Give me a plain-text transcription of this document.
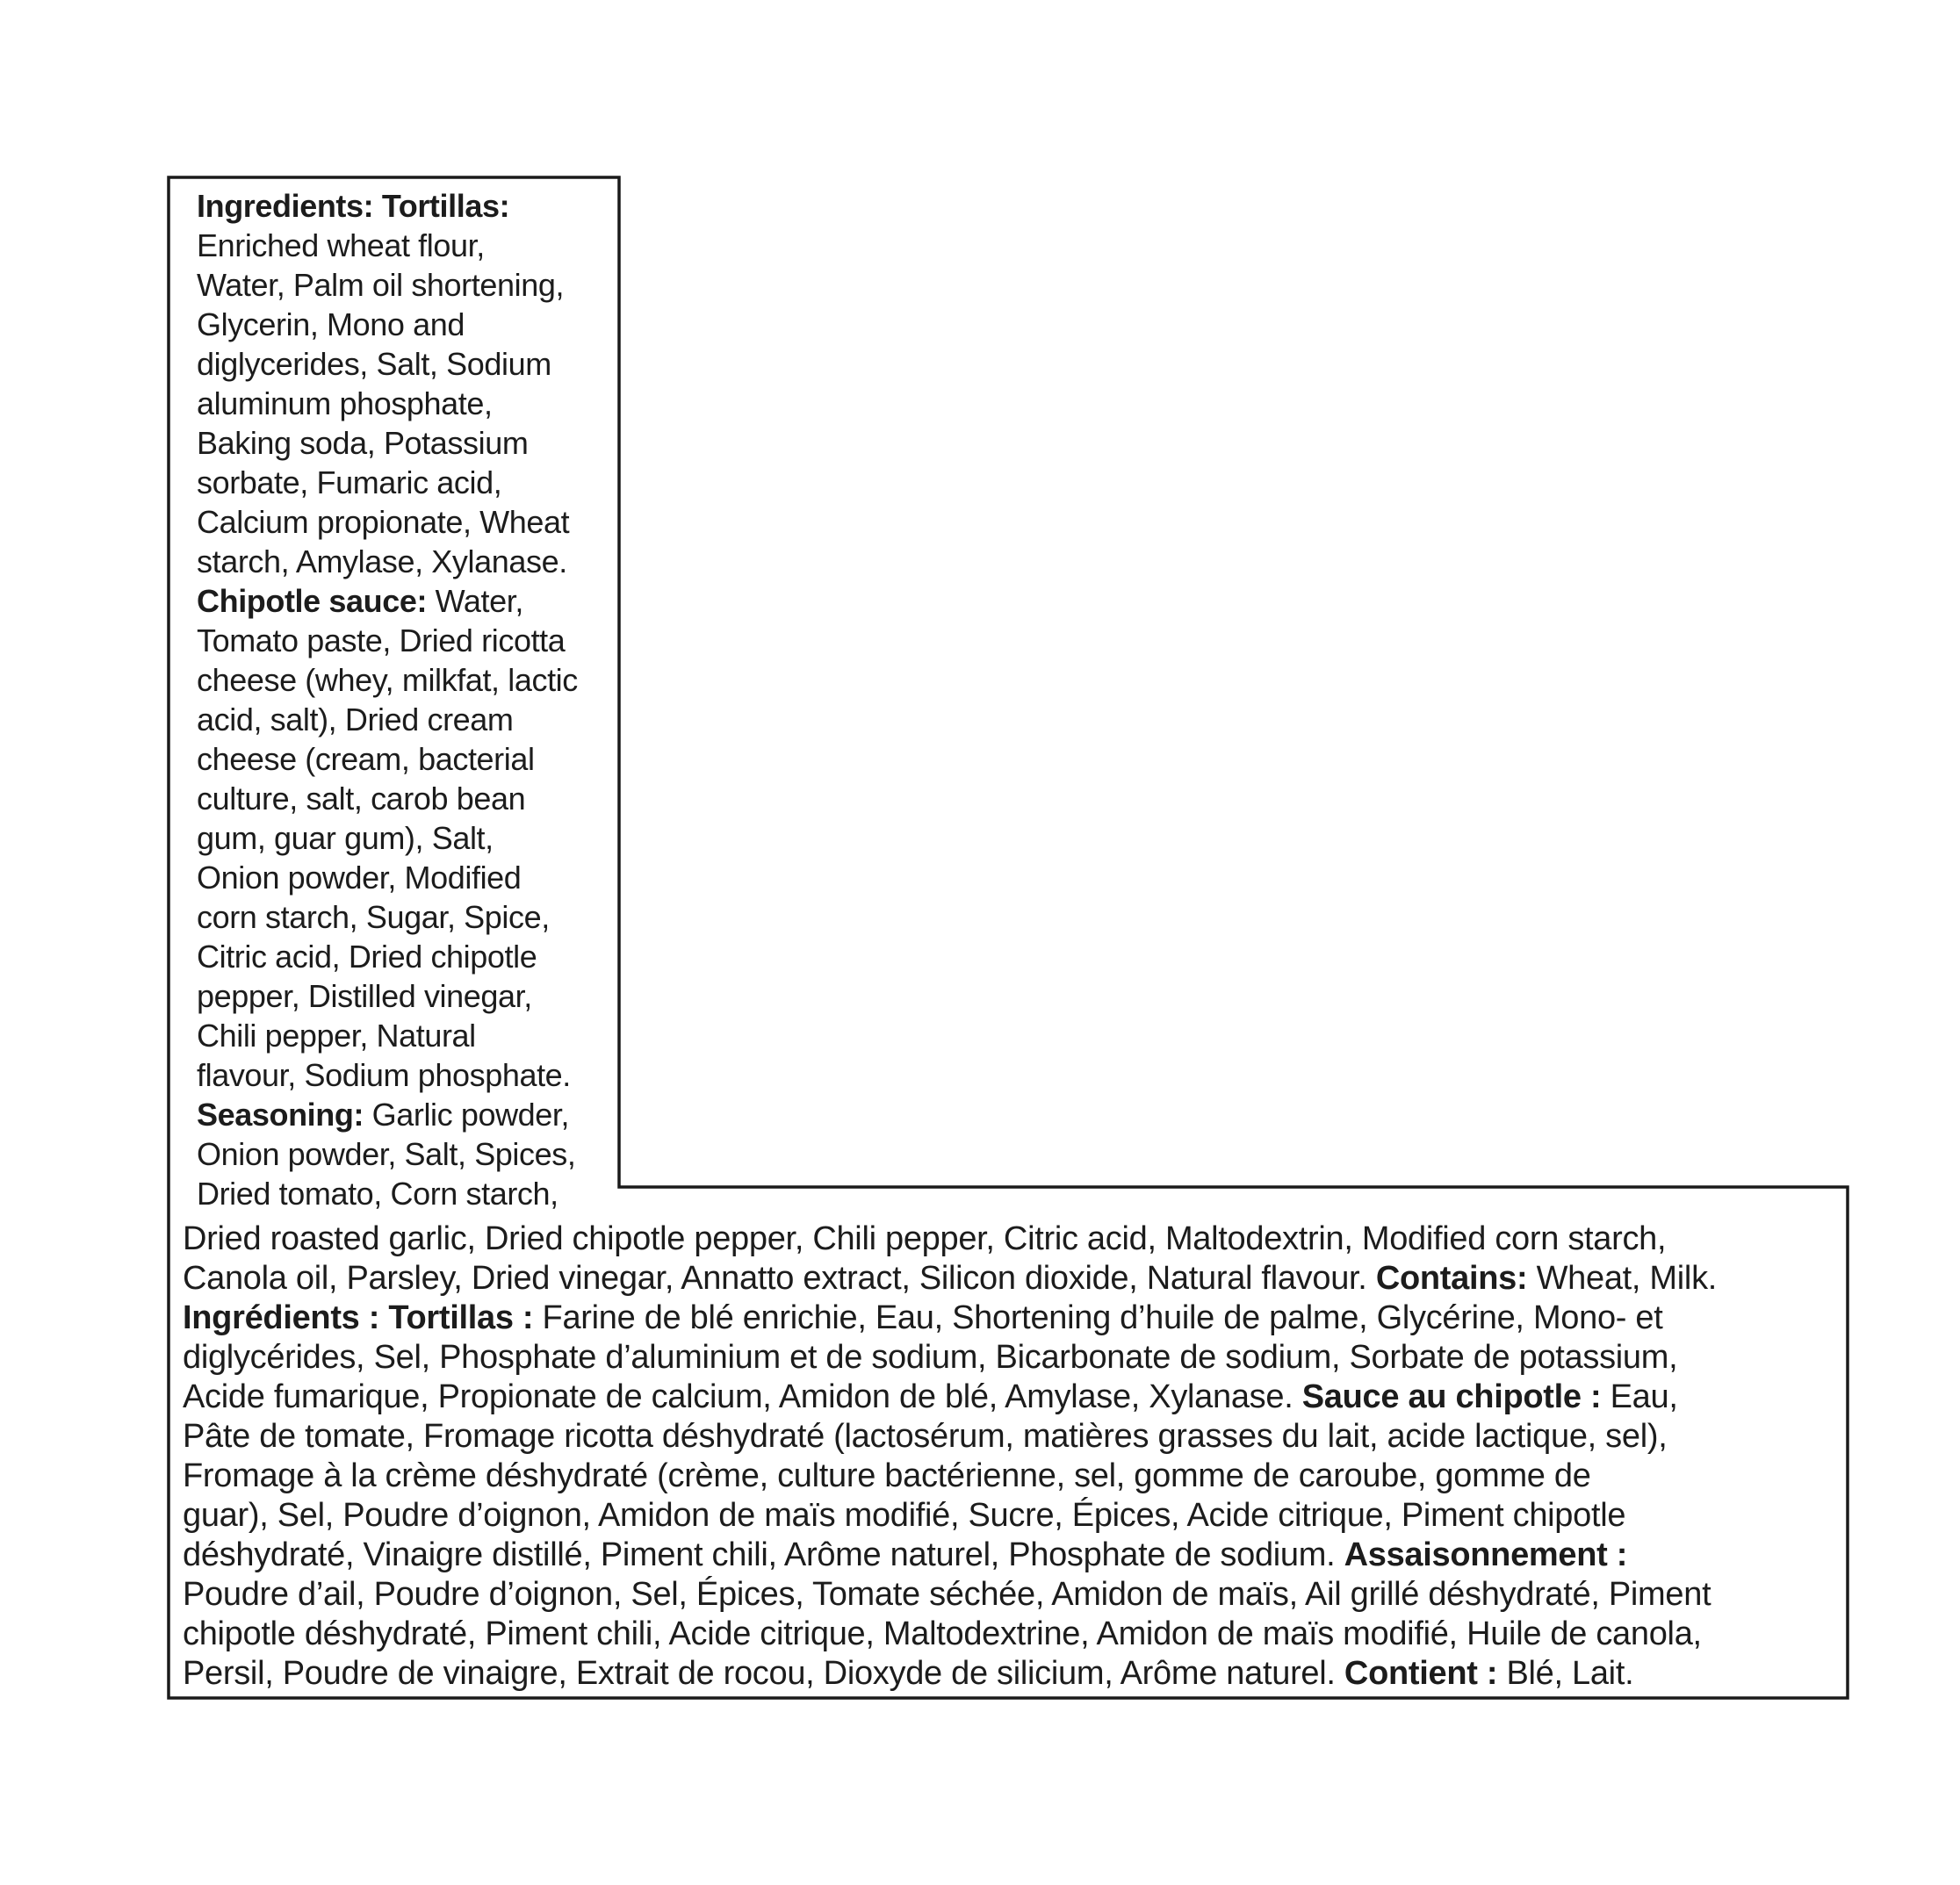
Ingredients: Tortillas:
Enriched wheat flour,
Water, Palm oil shortening,
Glycerin, Mono and
diglycerides, Salt, Sodium
aluminum phosphate,
Baking soda, Potassium
sorbate, Fumaric acid,
Calcium propionate, Wheat
starch, Amylase, Xylanase.
Chipotle sauce: Water,
Tomato paste, Dried ricotta
cheese (whey, milkfat, lactic
acid, salt), Dried cream
cheese (cream, bacterial
culture, salt, carob bean
gum, guar gum), Salt,
Onion powder, Modified
corn starch, Sugar, Spice,
Citric acid, Dried chipotle
pepper, Distilled vinegar,
Chili pepper, Natural
flavour, Sodium phosphate.
Seasoning: Garlic powder,
Onion powder, Salt, Spices,
Dried tomato, Corn starch,
Dried roasted garlic, Dried chipotle pepper, Chili pepper, Citric acid, Maltodextrin, Modified corn starch,
Canola oil, Parsley, Dried vinegar, Annatto extract, Silicon dioxide, Natural flavour. Contains: Wheat, Milk.
Ingrédients : Tortillas : Farine de blé enrichie, Eau, Shortening d’huile de palme, Glycérine, Mono- et
diglycérides, Sel, Phosphate d’aluminium et de sodium, Bicarbonate de sodium, Sorbate de potassium,
Acide fumarique, Propionate de calcium, Amidon de blé, Amylase, Xylanase. Sauce au chipotle : Eau,
Pâte de tomate, Fromage ricotta déshydraté (lactosérum, matières grasses du lait, acide lactique, sel),
Fromage à la crème déshydraté (crème, culture bactérienne, sel, gomme de caroube, gomme de
guar), Sel, Poudre d’oignon, Amidon de maïs modifié, Sucre, Épices, Acide citrique, Piment chipotle
déshydraté, Vinaigre distillé, Piment chili, Arôme naturel, Phosphate de sodium. Assaisonnement :
Poudre d’ail, Poudre d’oignon, Sel, Épices, Tomate séchée, Amidon de maïs, Ail grillé déshydraté, Piment
chipotle déshydraté, Piment chili, Acide citrique, Maltodextrine, Amidon de maïs modifié, Huile de canola,
Persil, Poudre de vinaigre, Extrait de rocou, Dioxyde de silicium, Arôme naturel. Contient : Blé, Lait.
